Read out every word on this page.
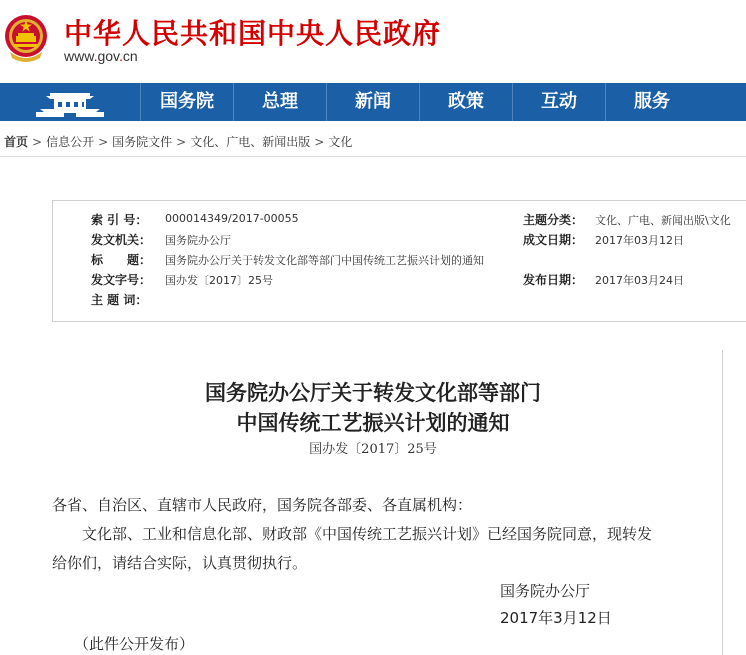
中华人民共和国中央人民政府
www.gov.cn
国务院	总理	新闻	政策	互动	服务
首页 > 信息公开 > 国务院文件 > 文化、广电、新闻出版 > 文化
索 引 号： 000014349/2017-00055
发文机关： 国务院办公厅
标　　题： 国务院办公厅关于转发文化部等部门中国传统工艺振兴计划的通知
发文字号： 国办发〔2017〕25号
主 题 词：
主题分类： 文化、广电、新闻出版\文化
成文日期： 2017年03月12日
发布日期： 2017年03月24日
国务院办公厅关于转发文化部等部门
中国传统工艺振兴计划的通知
国办发〔2017〕25号
各省、自治区、直辖市人民政府，国务院各部委、各直属机构：
文化部、工业和信息化部、财政部《中国传统工艺振兴计划》已经国务院同意，现转发
给你们，请结合实际，认真贯彻执行。
国务院办公厅
2017年3月12日
（此件公开发布）
